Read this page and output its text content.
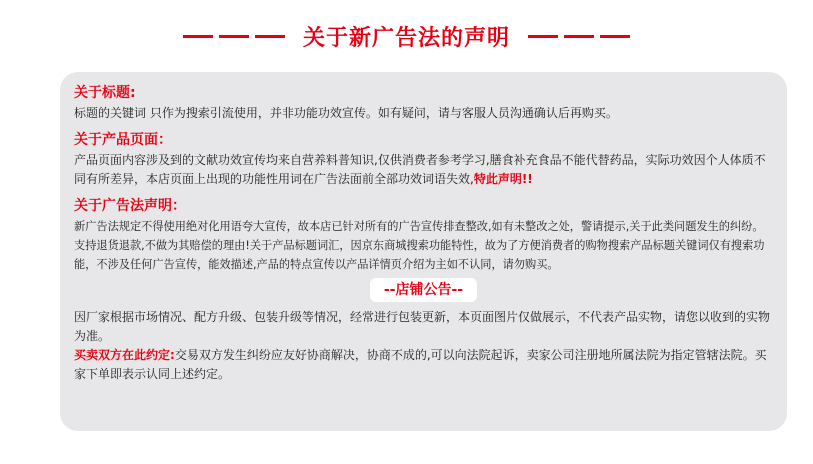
关于新广告法的声明
关于标题:

标题的关键词 只作为搜索引流使用，并非功能功效宣传。如有疑问，请与客服人员沟通确认后再购买。

关于产品页面：

产品页面内容涉及到的文献功效宣传均来自营养料普知识,仅供消费者参考学习,膳食补充食品不能代替药品，实际功效因个人体质不同有所差异，本店页面上出现的功能性用词在广告法面前全部功效词语失效,特此声明!!

关于广告法声明：

新广告法规定不得使用绝对化用语夸大宣传，故本店已针对所有的广告宣传排查整改,如有未整改之处，警请提示,关于此类问题发生的纠纷。支持退货退款,不做为其赔偿的理由!关于产品标题词汇，因京东商城搜索功能特性，故为了方便消费者的购物搜索产品标题关键词仅有搜索功能，不涉及任何广告宣传，能效描述,产品的特点宣传以产品详情页介绍为主如不认同，请勿购买。

--店铺公告--

因厂家根据市场情况、配方升级、包装升级等情况，经常进行包装更新，本页面图片仅做展示，不代表产品实物，请您以收到的实物为准。

买卖双方在此约定:交易双方发生纠纷应友好协商解决，协商不成的,可以向法院起诉，卖家公司注册地所属法院为指定管辖法院。买家下单即表示认同上述约定。
